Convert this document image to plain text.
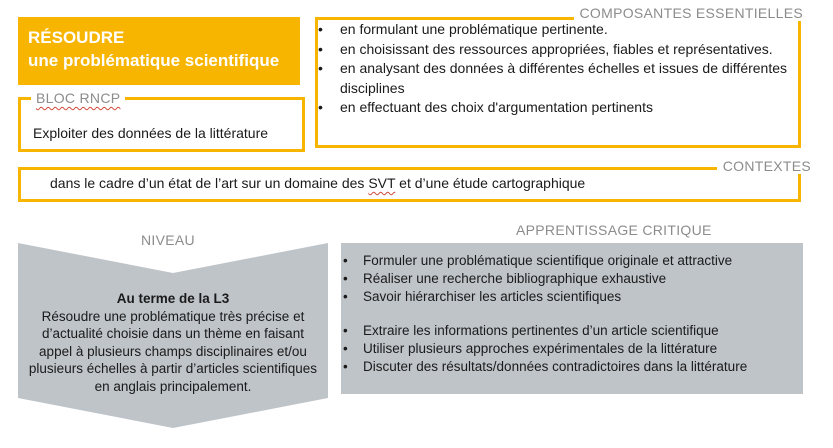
RÉSOUDRE
une problématique scientifique
COMPOSANTES ESSENTIELLES
• en formulant une problématique pertinente.
• en choisissant des ressources appropriées, fiables et représentatives.
• en analysant des données à différentes échelles et issues de différentes disciplines
• en effectuant des choix d'argumentation pertinents
BLOC RNCP
Exploiter des données de la littérature
CONTEXTES
dans le cadre d’un état de l’art sur un domaine des SVT et d’une étude cartographique
NIVEAU
Au terme de la L3
Résoudre une problématique très précise et d’actualité choisie dans un thème en faisant appel à plusieurs champs disciplinaires et/ou plusieurs échelles à partir d’articles scientifiques en anglais principalement.
APPRENTISSAGE CRITIQUE
• Formuler une problématique scientifique originale et attractive
• Réaliser une recherche bibliographique exhaustive
• Savoir hiérarchiser les articles scientifiques
• Extraire les informations pertinentes d’un article scientifique
• Utiliser plusieurs approches expérimentales de la littérature
• Discuter des résultats/données contradictoires dans la littérature
